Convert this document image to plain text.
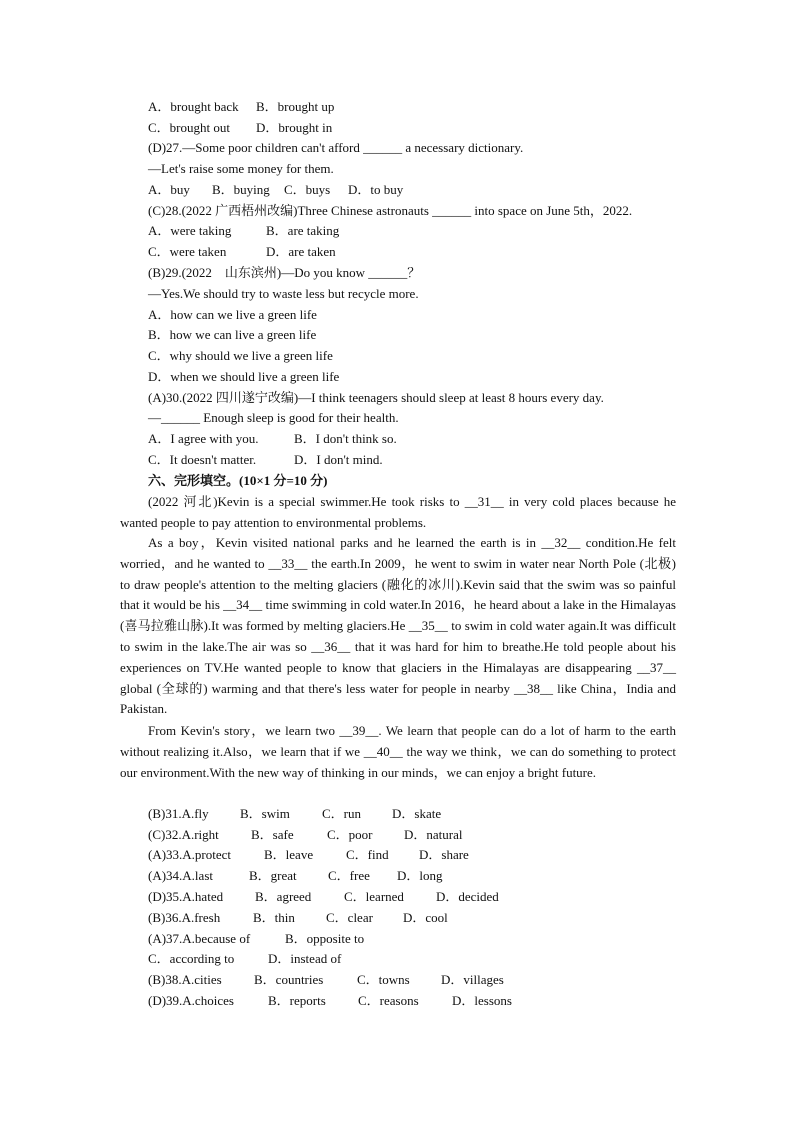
A．brought back B．brought up
C．brought out D．brought in
(D)27.—Some poor children can't afford ______ a necessary dictionary.
—Let's raise some money for them.
A．buy B．buying C．buys D．to buy
(C)28.(2022 广西梧州改编)Three Chinese astronauts ______ into space on June 5th，2022.
A．were taking	B．are taking
C．were taken	D．are taken
(B)29.(2022　山东滨州)—Do you know ______？
—Yes.We should try to waste less but recycle more.
A．how can we live a green life
B．how we can live a green life
C．why should we live a green life
D．when we should live a green life
(A)30.(2022 四川遂宁改编)—I think teenagers should sleep at least 8 hours every day.
—______ Enough sleep is good for their health.
A．I agree with you.	B．I don't think so.
C．It doesn't matter.	D．I don't mind.
六、完形填空。(10×1 分=10 分)
(2022 河北)Kevin is a special swimmer.He took risks to __31__ in very cold places because he wanted people to pay attention to environmental problems.
As a boy，Kevin visited national parks and he learned the earth is in __32__ condition.He felt worried，and he wanted to __33__ the earth.In 2009，he went to swim in water near North Pole (北极) to draw people's attention to the melting glaciers (融化的冰川).Kevin said that the swim was so painful that it would be his __34__ time swimming in cold water.In 2016，he heard about a lake in the Himalayas (喜马拉雅山脉).It was formed by melting glaciers.He __35__ to swim in cold water again.It was difficult to swim in the lake.The air was so __36__ that it was hard for him to breathe.He told people about his experiences on TV.He wanted people to know that glaciers in the Himalayas are disappearing __37__ global (全球的) warming and that there's less water for people in nearby __38__ like China，India and Pakistan.
From Kevin's story，we learn two __39__. We learn that people can do a lot of harm to the earth without realizing it.Also，we learn that if we __40__ the way we think，we can do something to protect our environment.With the new way of thinking in our minds，we can enjoy a bright future.
(B)31.A.fly B．swim C．run D．skate
(C)32.A.right B．safe	C．poor D．natural
(A)33.A.protect	B．leave	C．find D．share
(A)34.A.last	B．great C．free D．long
(D)35.A.hated B．agreed	C．learned D．decided
(B)36.A.fresh	B．thin C．clear D．cool
(A)37.A.because of	B．opposite to
C．according to	D．instead of
(B)38.A.cities B．countries	C．towns D．villages
(D)39.A.choices	B．reports C．reasons	D．lessons
